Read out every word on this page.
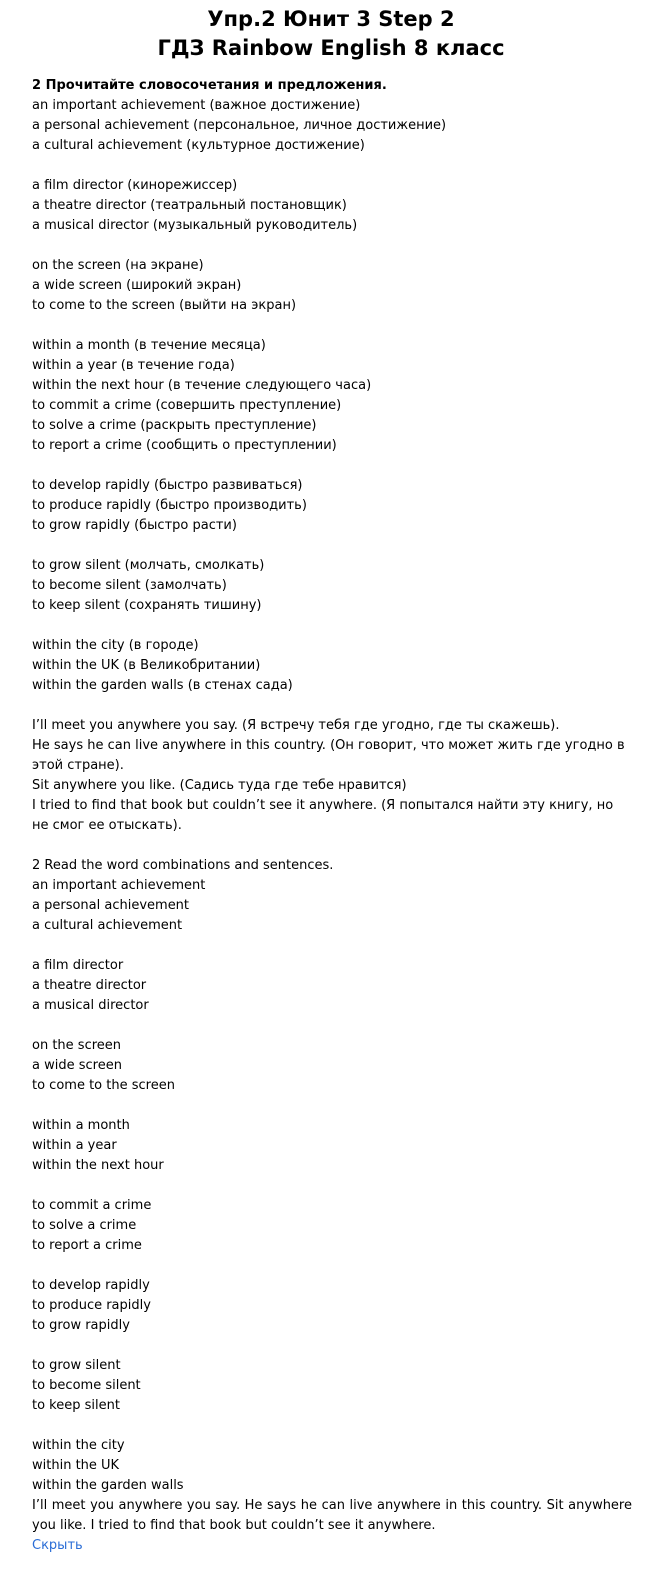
Упр.2 Юнит 3 Step 2
ГДЗ Rainbow English 8 класс
2 Прочитайте словосочетания и предложения.
an important achievement (важное достижение)
a personal achievement (персональное, личное достижение)
a cultural achievement (культурное достижение)
a film director (кинорежиссер)
a theatre director (театральный постановщик)
a musical director (музыкальный руководитель)
on the screen (на экране)
a wide screen (широкий экран)
to come to the screen (выйти на экран)
within a month (в течение месяца)
within a year (в течение года)
within the next hour (в течение следующего часа)
to commit a crime (совершить преступление)
to solve a crime (раскрыть преступление)
to report a crime (сообщить о преступлении)
to develop rapidly (быстро развиваться)
to produce rapidly (быстро производить)
to grow rapidly (быстро расти)
to grow silent (молчать, смолкать)
to become silent (замолчать)
to keep silent (сохранять тишину)
within the city (в городе)
within the UK (в Великобритании)
within the garden walls (в стенах сада)
I’ll meet you anywhere you say. (Я встречу тебя где угодно, где ты скажешь).
He says he can live anywhere in this country. (Он говорит, что может жить где угодно в этой стране).
Sit anywhere you like. (Садись туда где тебе нравится)
I tried to find that book but couldn’t see it anywhere. (Я попытался найти эту книгу, но не смог ее отыскать).
2 Read the word combinations and sentences.
an important achievement
a personal achievement
a cultural achievement
a film director
a theatre director
a musical director
on the screen
a wide screen
to come to the screen
within a month
within a year
within the next hour
to commit a crime
to solve a crime
to report a crime
to develop rapidly
to produce rapidly
to grow rapidly
to grow silent
to become silent
to keep silent
within the city
within the UK
within the garden walls
I’ll meet you anywhere you say. He says he can live anywhere in this country. Sit anywhere you like. I tried to find that book but couldn’t see it anywhere.
Скрыть
